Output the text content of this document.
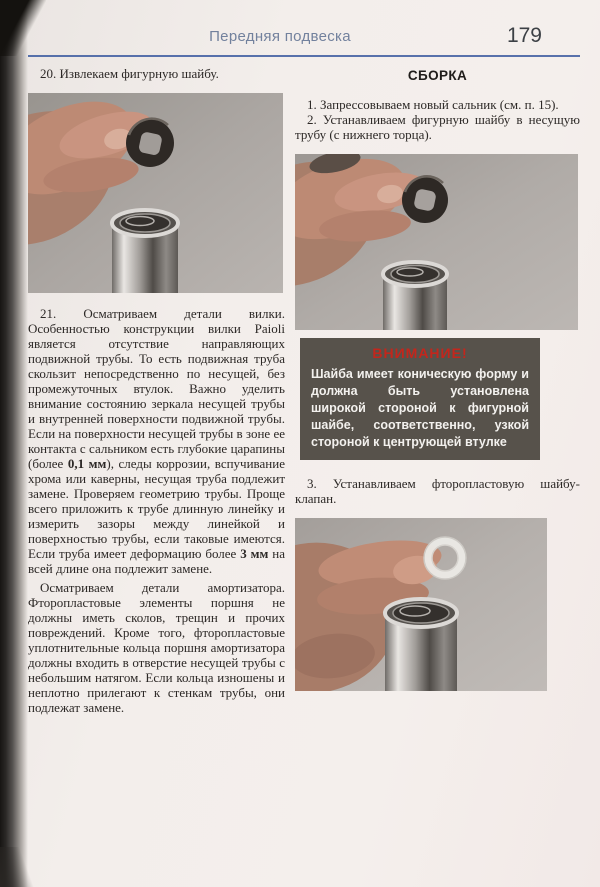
Передняя подвеска	179

20. Извлекаем фигурную шайбу.

21. Осматриваем детали вилки. Особенностью конструкции вилки Paioli является отсутствие направляющих подвижной трубы. То есть подвижная труба скользит непосредственно по несущей, без промежуточных втулок. Важно уделить внимание состоянию зеркала несущей трубы и внутренней поверхности подвижной трубы. Если на поверхности несущей трубы в зоне ее контакта с сальником есть глубокие царапины (более 0,1 мм), следы коррозии, вспучивание хрома или каверны, несущая труба подлежит замене. Проверяем геометрию трубы. Проще всего приложить к трубе длинную линейку и измерить зазоры между линейкой и поверхностью трубы, если таковые имеются. Если труба имеет деформацию более 3 мм на всей длине она подлежит замене.

Осматриваем детали амортизатора. Фторопластовые элементы поршня не должны иметь сколов, трещин и прочих повреждений. Кроме того, фторопластовые уплотнительные кольца поршня амортизатора должны входить в отверстие несущей трубы с небольшим натягом. Если кольца изношены и неплотно прилегают к стенкам трубы, они подлежат замене.

СБОРКА

1. Запрессовываем новый сальник (см. п. 15).

2. Устанавливаем фигурную шайбу в несущую трубу (с нижнего торца).

ВНИМАНИЕ!

Шайба имеет коническую форму и должна быть установлена широкой стороной к фигурной шайбе, соответственно, узкой стороной к центрующей втулке

3. Устанавливаем фторопластовую шайбу-клапан.
